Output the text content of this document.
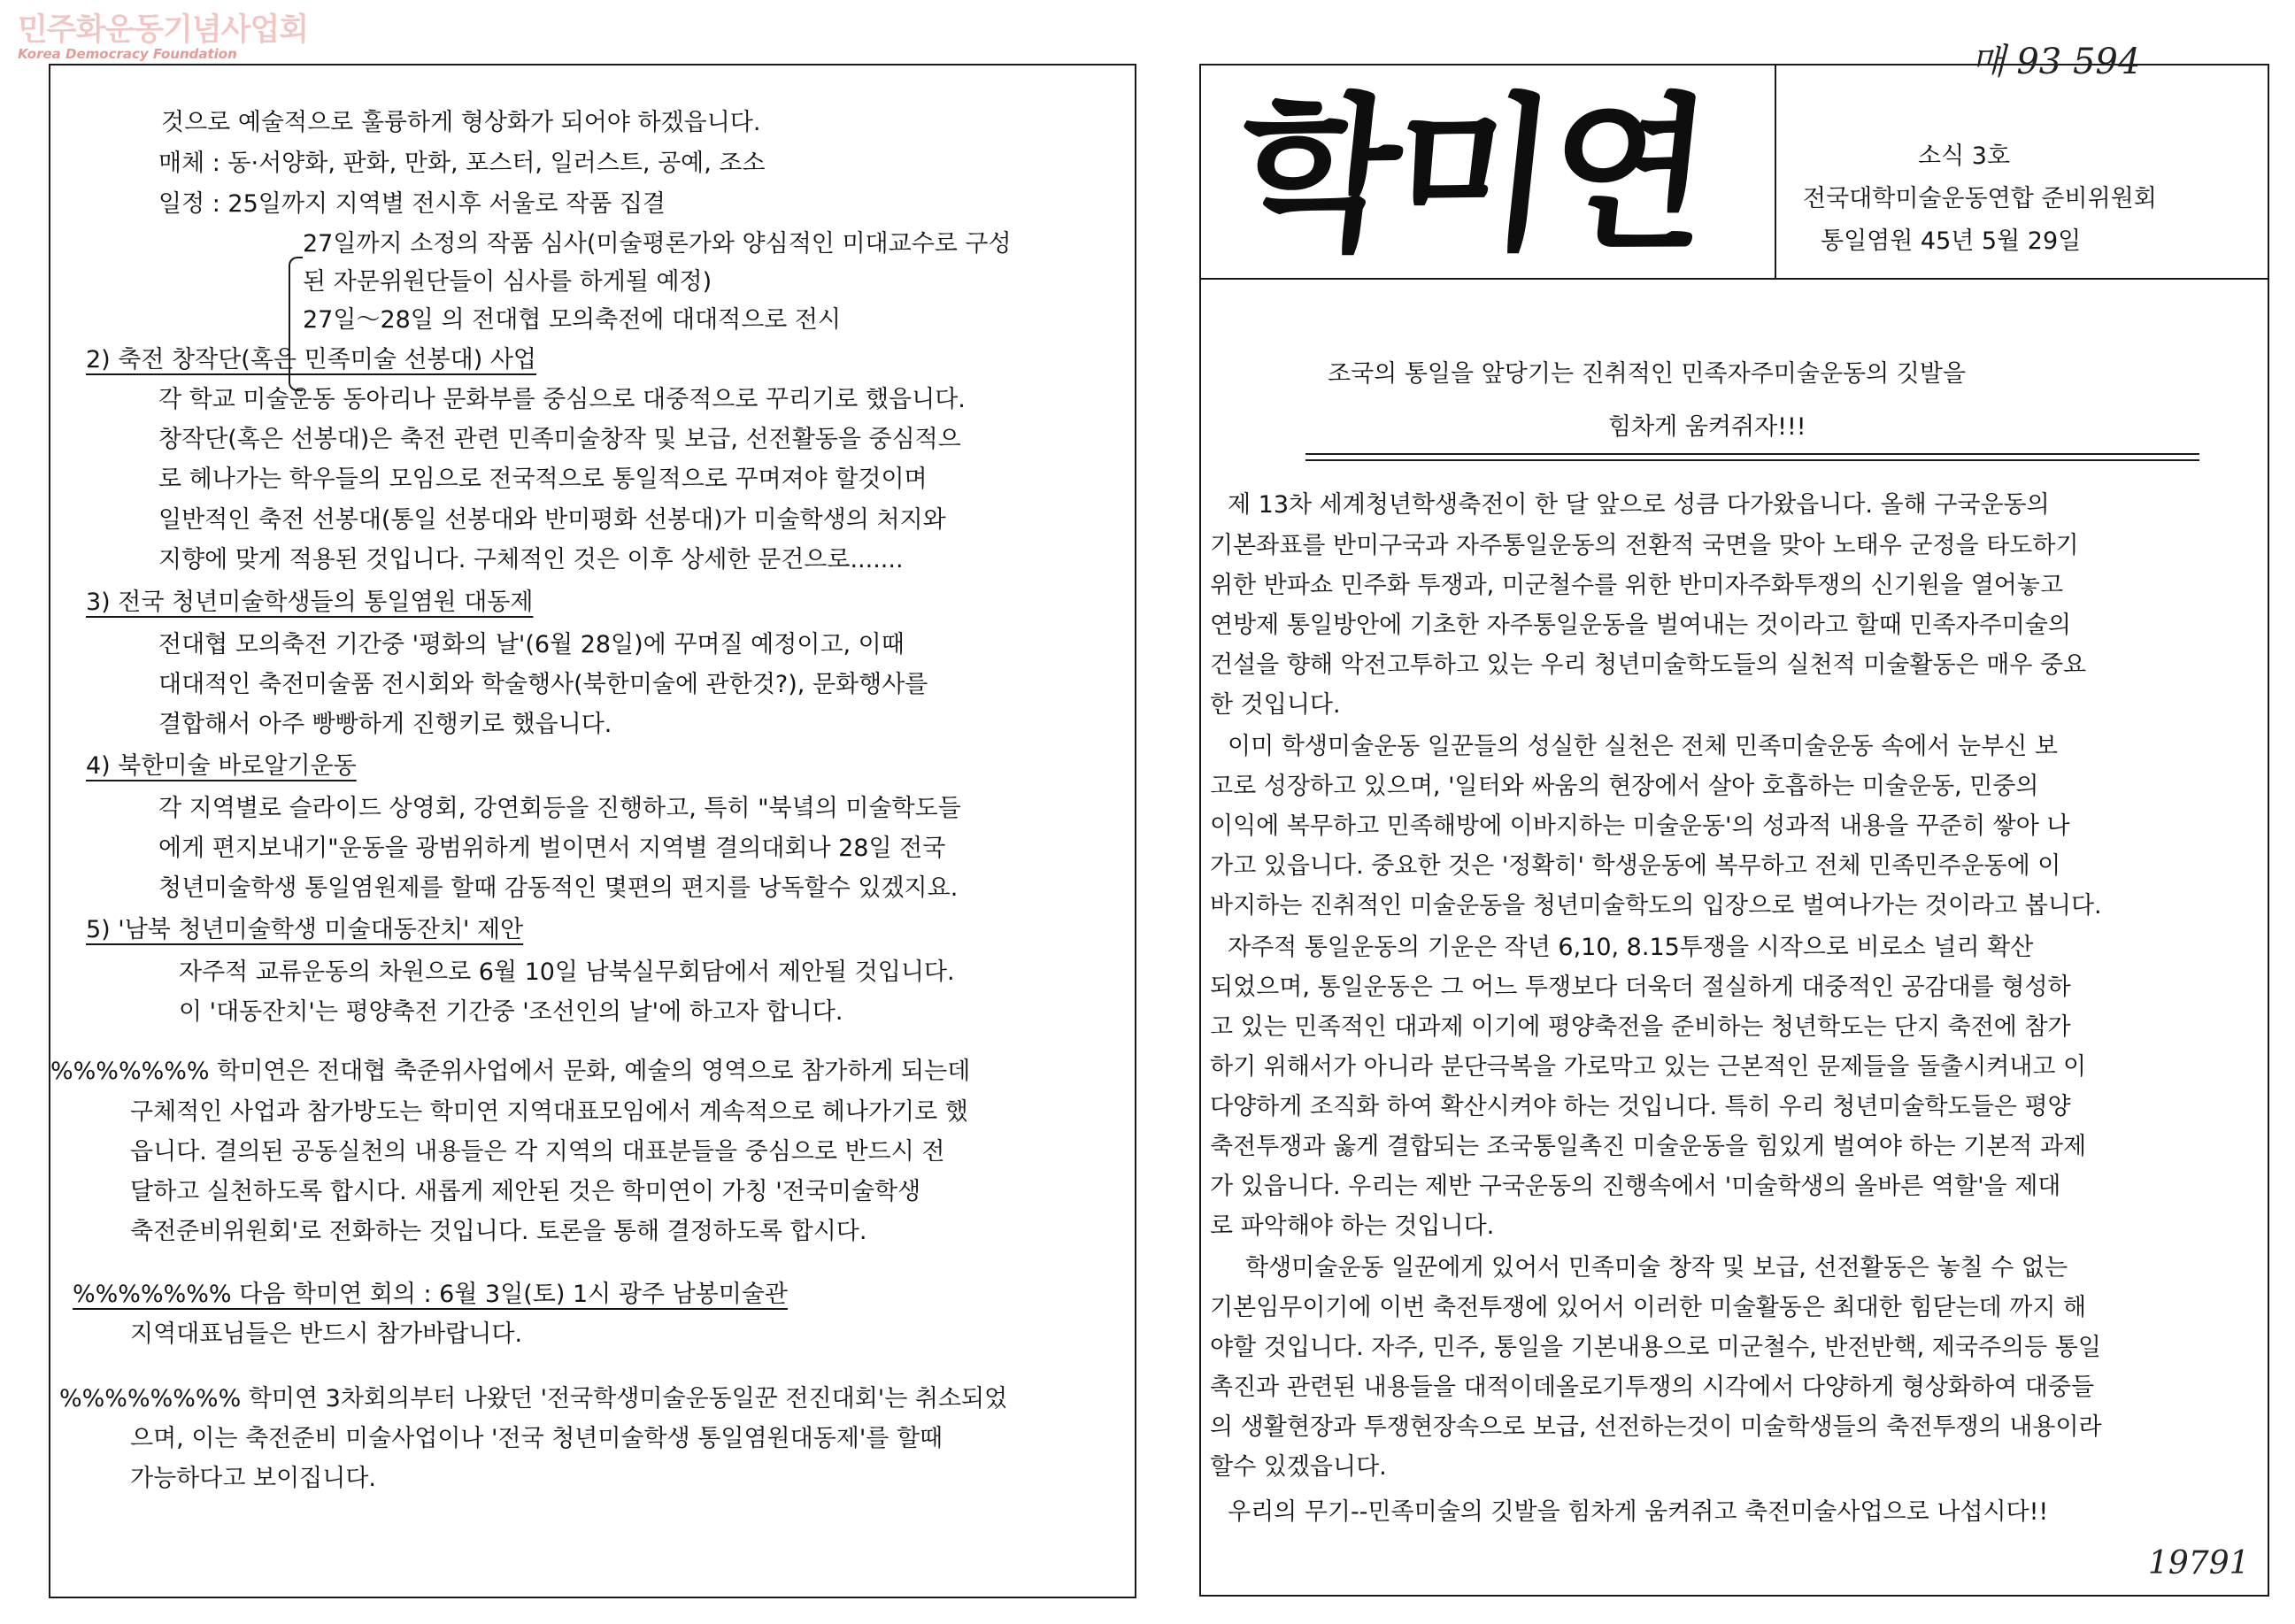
민주화운동기념사업회
Korea Democracy Foundation
것으로 예술적으로 훌륭하게 형상화가 되어야 하겠읍니다.
매체 : 동·서양화, 판화, 만화, 포스터, 일러스트, 공예, 조소
일정 : 25일까지 지역별 전시후 서울로 작품 집결
27일까지 소정의 작품 심사(미술평론가와 양심적인 미대교수로 구성
된 자문위원단들이 심사를 하게될 예정)
27일～28일 의 전대협 모의축전에 대대적으로 전시
2) 축전 창작단(혹은 민족미술 선봉대) 사업
각 학교 미술운동 동아리나 문화부를 중심으로 대중적으로 꾸리기로 했읍니다.
창작단(혹은 선봉대)은 축전 관련 민족미술창작 및 보급, 선전활동을 중심적으
로 헤나가는 학우들의 모임으로 전국적으로 통일적으로 꾸며져야 할것이며
일반적인 축전 선봉대(통일 선봉대와 반미평화 선봉대)가 미술학생의 처지와
지향에 맞게 적용된 것입니다. 구체적인 것은 이후 상세한 문건으로.......
3) 전국 청년미술학생들의 통일염원 대동제
전대협 모의축전 기간중 '평화의 날'(6월 28일)에 꾸며질 예정이고, 이때
대대적인 축전미술품 전시회와 학술행사(북한미술에 관한것?), 문화행사를
결합해서 아주 빵빵하게 진행키로 했읍니다.
4) 북한미술 바로알기운동
각 지역별로 슬라이드 상영회, 강연회등을 진행하고, 특히 "북녘의 미술학도들
에게 편지보내기"운동을 광범위하게 벌이면서 지역별 결의대회나 28일 전국
청년미술학생 통일염원제를 할때 감동적인 몇편의 편지를 낭독할수 있겠지요.
5) '남북 청년미술학생 미술대동잔치' 제안
자주적 교류운동의 차원으로 6월 10일 남북실무회담에서 제안될 것입니다.
이 '대동잔치'는 평양축전 기간중 '조선인의 날'에 하고자 합니다.
%%%%%%% 학미연은 전대협 축준위사업에서 문화, 예술의 영역으로 참가하게 되는데
구체적인 사업과 참가방도는 학미연 지역대표모임에서 계속적으로 헤나가기로 했
읍니다. 결의된 공동실천의 내용들은 각 지역의 대표분들을 중심으로 반드시 전
달하고 실천하도록 합시다. 새롭게 제안된 것은 학미연이 가칭 '전국미술학생
축전준비위원회'로 전화하는 것입니다. 토론을 통해 결정하도록 합시다.
%%%%%%% 다음 학미연 회의 : 6월 3일(토) 1시 광주 남봉미술관
지역대표님들은 반드시 참가바랍니다.
%%%%%%%% 학미연 3차회의부터 나왔던 '전국학생미술운동일꾼 전진대회'는 취소되었
으며, 이는 축전준비 미술사업이나 '전국 청년미술학생 통일염원대동제'를 할때
가능하다고 보이집니다.
학미연	소식 3호
전국대학미술운동연합 준비위원회
통일염원 45년 5월 29일
매 93 594
조국의 통일을 앞당기는 진취적인 민족자주미술운동의 깃발을
힘차게 움켜쥐자!!!
제 13차 세계청년학생축전이 한 달 앞으로 성큼 다가왔읍니다. 올해 구국운동의
기본좌표를 반미구국과 자주통일운동의 전환적 국면을 맞아 노태우 군정을 타도하기
위한 반파쇼 민주화 투쟁과, 미군철수를 위한 반미자주화투쟁의 신기원을 열어놓고
연방제 통일방안에 기초한 자주통일운동을 벌여내는 것이라고 할때 민족자주미술의
건설을 향해 악전고투하고 있는 우리 청년미술학도들의 실천적 미술활동은 매우 중요
한 것입니다.
이미 학생미술운동 일꾼들의 성실한 실천은 전체 민족미술운동 속에서 눈부신 보
고로 성장하고 있으며, '일터와 싸움의 현장에서 살아 호흡하는 미술운동, 민중의
이익에 복무하고 민족해방에 이바지하는 미술운동'의 성과적 내용을 꾸준히 쌓아 나
가고 있읍니다. 중요한 것은 '정확히' 학생운동에 복무하고 전체 민족민주운동에 이
바지하는 진취적인 미술운동을 청년미술학도의 입장으로 벌여나가는 것이라고 봅니다.
자주적 통일운동의 기운은 작년 6,10, 8.15투쟁을 시작으로 비로소 널리 확산
되었으며, 통일운동은 그 어느 투쟁보다 더욱더 절실하게 대중적인 공감대를 형성하
고 있는 민족적인 대과제 이기에 평양축전을 준비하는 청년학도는 단지 축전에 참가
하기 위해서가 아니라 분단극복을 가로막고 있는 근본적인 문제들을 돌출시켜내고 이
다양하게 조직화 하여 확산시켜야 하는 것입니다. 특히 우리 청년미술학도들은 평양
축전투쟁과 옳게 결합되는 조국통일촉진 미술운동을 힘있게 벌여야 하는 기본적 과제
가 있읍니다. 우리는 제반 구국운동의 진행속에서 '미술학생의 올바른 역할'을 제대
로 파악해야 하는 것입니다.
학생미술운동 일꾼에게 있어서 민족미술 창작 및 보급, 선전활동은 놓칠 수 없는
기본임무이기에 이번 축전투쟁에 있어서 이러한 미술활동은 최대한 힘닫는데 까지 해
야할 것입니다. 자주, 민주, 통일을 기본내용으로 미군철수, 반전반핵, 제국주의등 통일
촉진과 관련된 내용들을 대적이데올로기투쟁의 시각에서 다양하게 형상화하여 대중들
의 생활현장과 투쟁현장속으로 보급, 선전하는것이 미술학생들의 축전투쟁의 내용이라
할수 있겠읍니다.
우리의 무기--민족미술의 깃발을 힘차게 움켜쥐고 축전미술사업으로 나섭시다!!
19791
